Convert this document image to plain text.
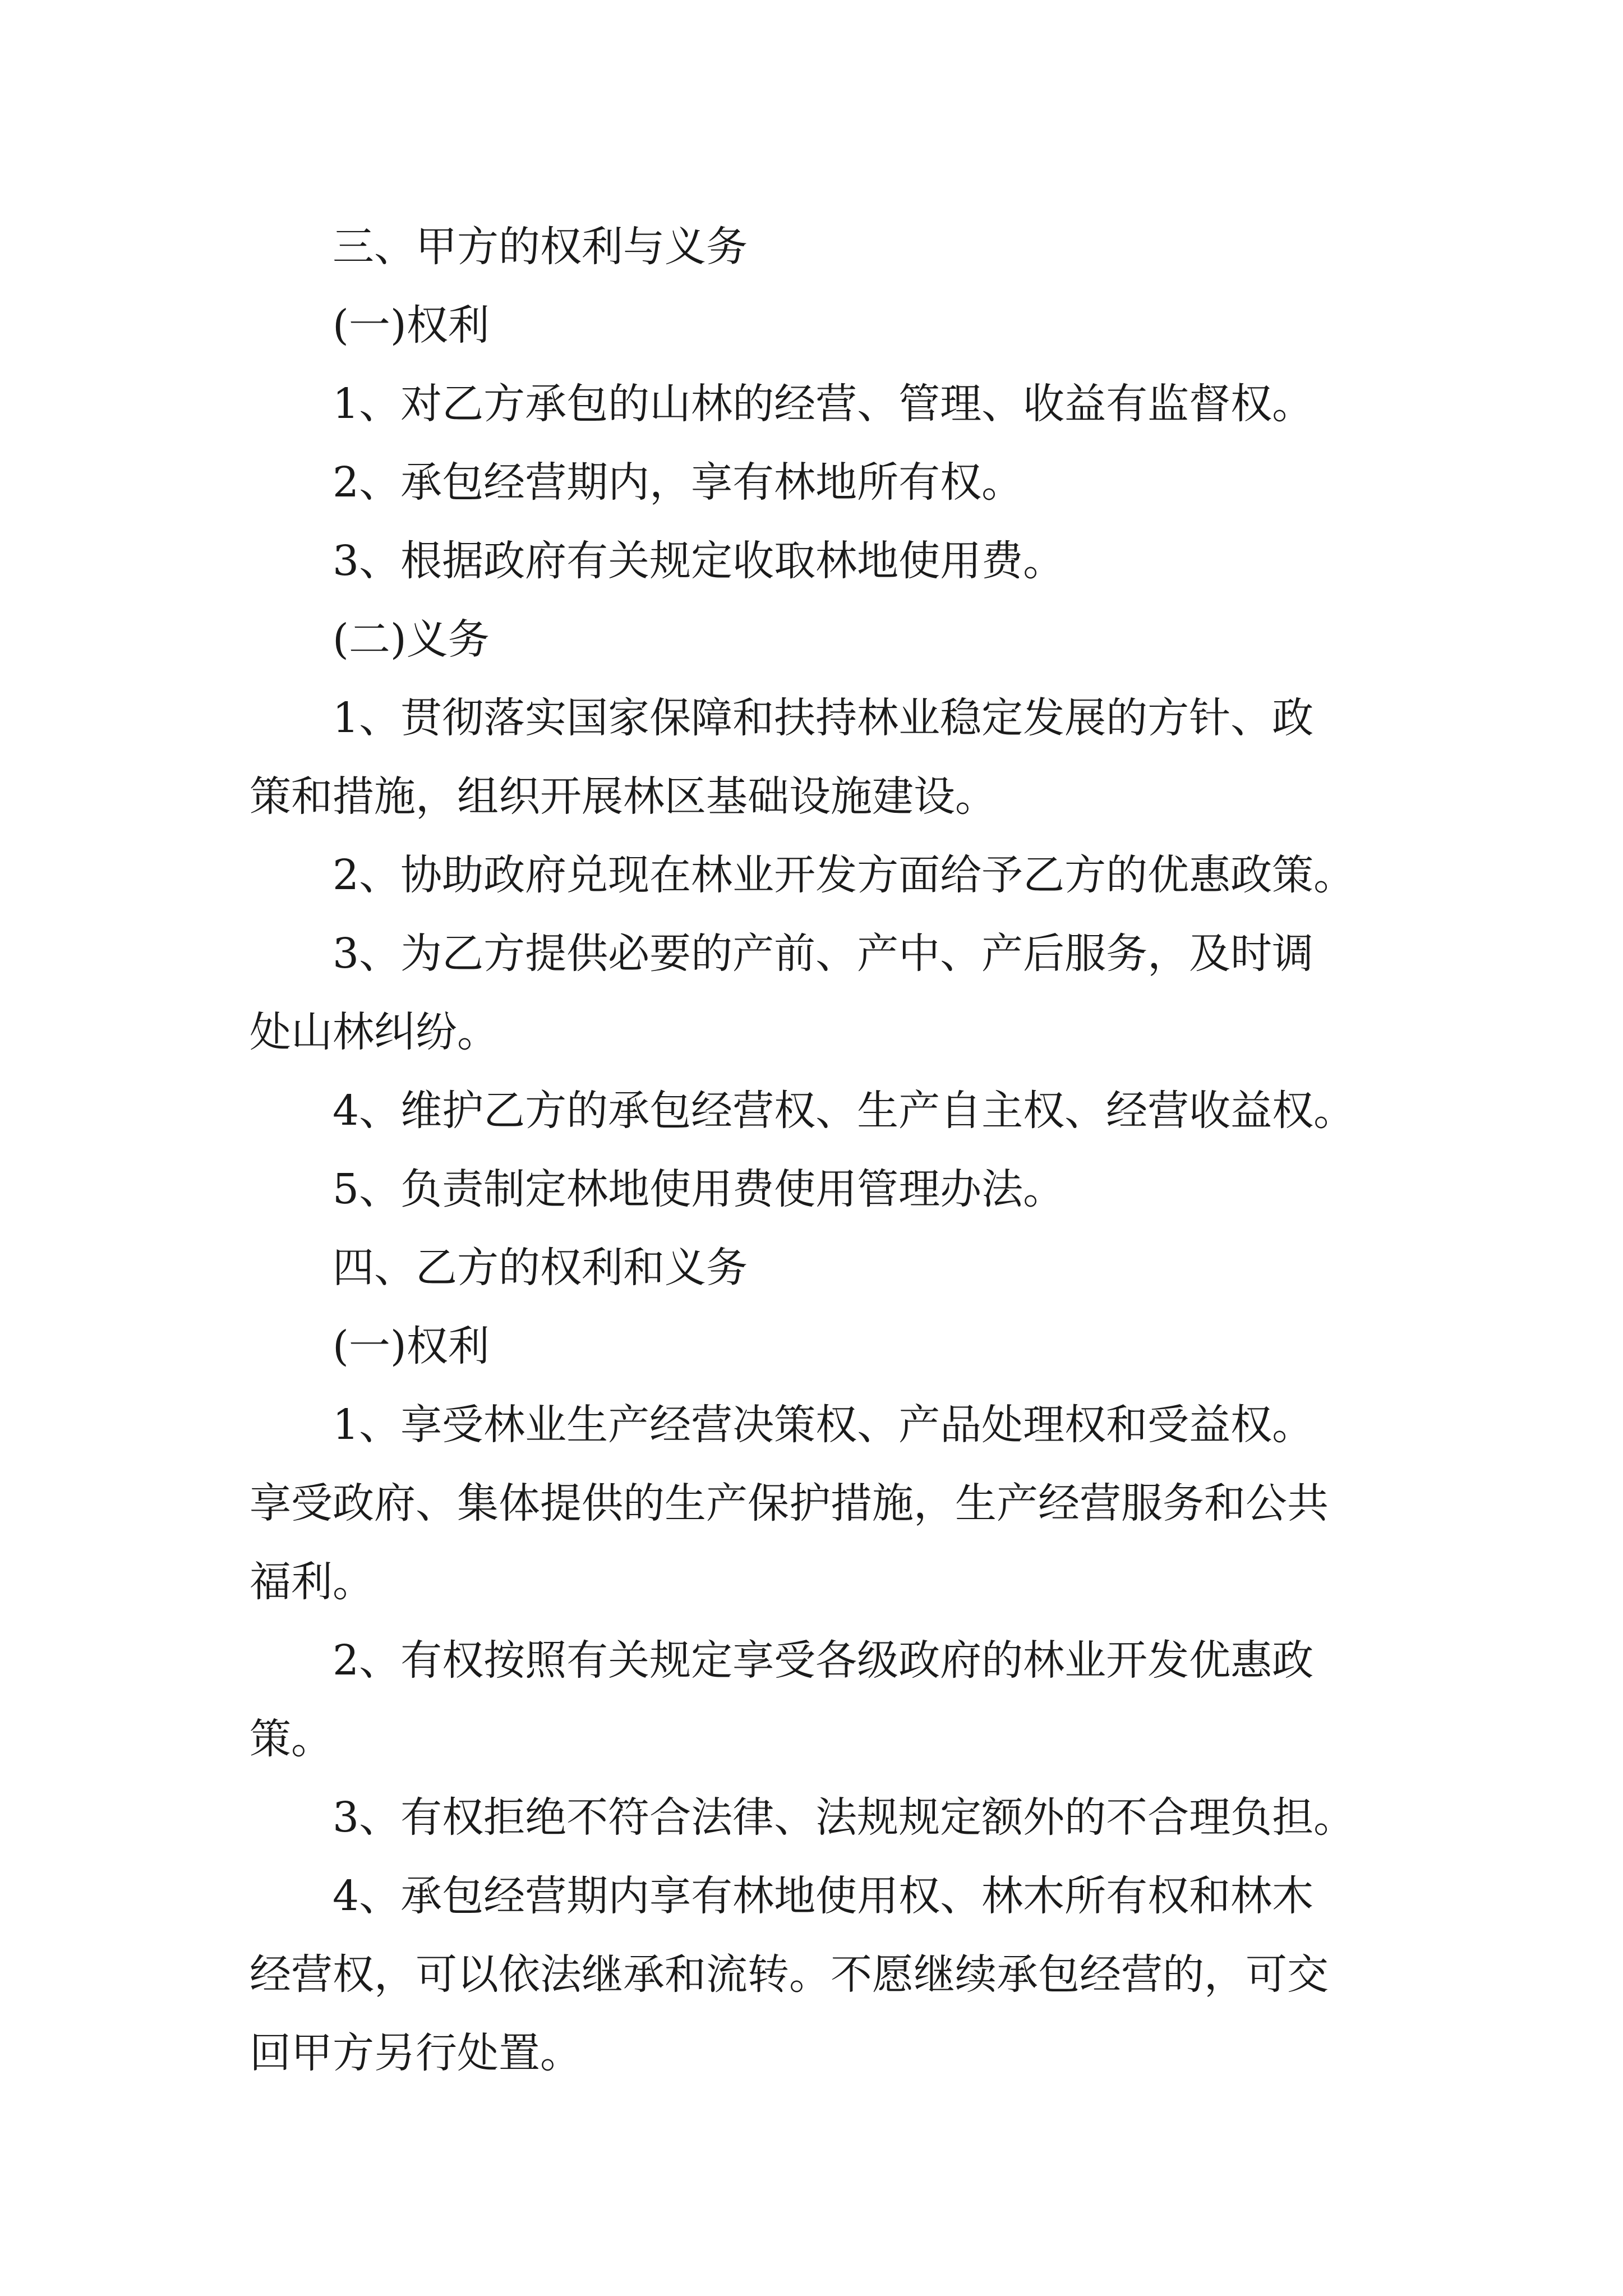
三、甲方的权利与义务
(一)权利
1、对乙方承包的山林的经营、管理、收益有监督权。
2、承包经营期内，享有林地所有权。
3、根据政府有关规定收取林地使用费。
(二)义务
1、贯彻落实国家保障和扶持林业稳定发展的方针、政
策和措施，组织开展林区基础设施建设。
2、协助政府兑现在林业开发方面给予乙方的优惠政策。
3、为乙方提供必要的产前、产中、产后服务，及时调
处山林纠纷。
4、维护乙方的承包经营权、生产自主权、经营收益权。
5、负责制定林地使用费使用管理办法。
四、乙方的权利和义务
(一)权利
1、享受林业生产经营决策权、产品处理权和受益权。
享受政府、集体提供的生产保护措施，生产经营服务和公共
福利。
2、有权按照有关规定享受各级政府的林业开发优惠政
策。
3、有权拒绝不符合法律、法规规定额外的不合理负担。
4、承包经营期内享有林地使用权、林木所有权和林木
经营权，可以依法继承和流转。不愿继续承包经营的，可交
回甲方另行处置。
